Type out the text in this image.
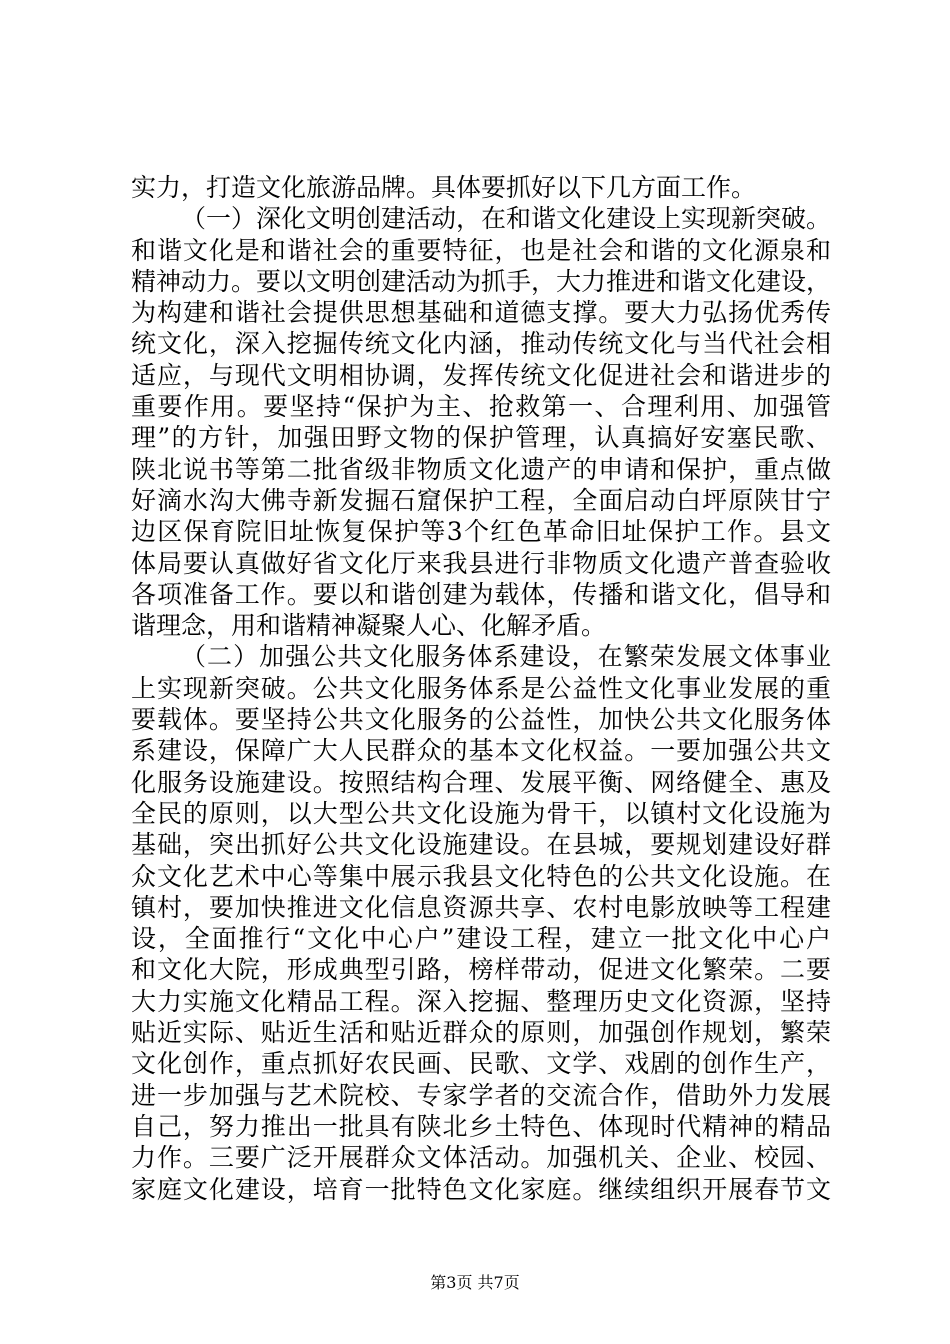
实力，打造文化旅游品牌。具体要抓好以下几方面工作。
（一）深化文明创建活动，在和谐文化建设上实现新突破。
和谐文化是和谐社会的重要特征，也是社会和谐的文化源泉和
精神动力。要以文明创建活动为抓手，大力推进和谐文化建设，
为构建和谐社会提供思想基础和道德支撑。要大力弘扬优秀传
统文化，深入挖掘传统文化内涵，推动传统文化与当代社会相
适应，与现代文明相协调，发挥传统文化促进社会和谐进步的
重要作用。要坚持“保护为主、抢救第一、合理利用、加强管
理”的方针，加强田野文物的保护管理，认真搞好安塞民歌、
陕北说书等第二批省级非物质文化遗产的申请和保护，重点做
好滴水沟大佛寺新发掘石窟保护工程，全面启动白坪原陕甘宁
边区保育院旧址恢复保护等3个红色革命旧址保护工作。县文
体局要认真做好省文化厅来我县进行非物质文化遗产普查验收
各项准备工作。要以和谐创建为载体，传播和谐文化，倡导和
谐理念，用和谐精神凝聚人心、化解矛盾。
（二）加强公共文化服务体系建设，在繁荣发展文体事业
上实现新突破。公共文化服务体系是公益性文化事业发展的重
要载体。要坚持公共文化服务的公益性，加快公共文化服务体
系建设，保障广大人民群众的基本文化权益。一要加强公共文
化服务设施建设。按照结构合理、发展平衡、网络健全、惠及
全民的原则，以大型公共文化设施为骨干，以镇村文化设施为
基础，突出抓好公共文化设施建设。在县城，要规划建设好群
众文化艺术中心等集中展示我县文化特色的公共文化设施。在
镇村，要加快推进文化信息资源共享、农村电影放映等工程建
设，全面推行“文化中心户”建设工程，建立一批文化中心户
和文化大院，形成典型引路，榜样带动，促进文化繁荣。二要
大力实施文化精品工程。深入挖掘、整理历史文化资源，坚持
贴近实际、贴近生活和贴近群众的原则，加强创作规划，繁荣
文化创作，重点抓好农民画、民歌、文学、戏剧的创作生产，
进一步加强与艺术院校、专家学者的交流合作，借助外力发展
自己，努力推出一批具有陕北乡土特色、体现时代精神的精品
力作。三要广泛开展群众文体活动。加强机关、企业、校园、
家庭文化建设，培育一批特色文化家庭。继续组织开展春节文
第3页 共7页
